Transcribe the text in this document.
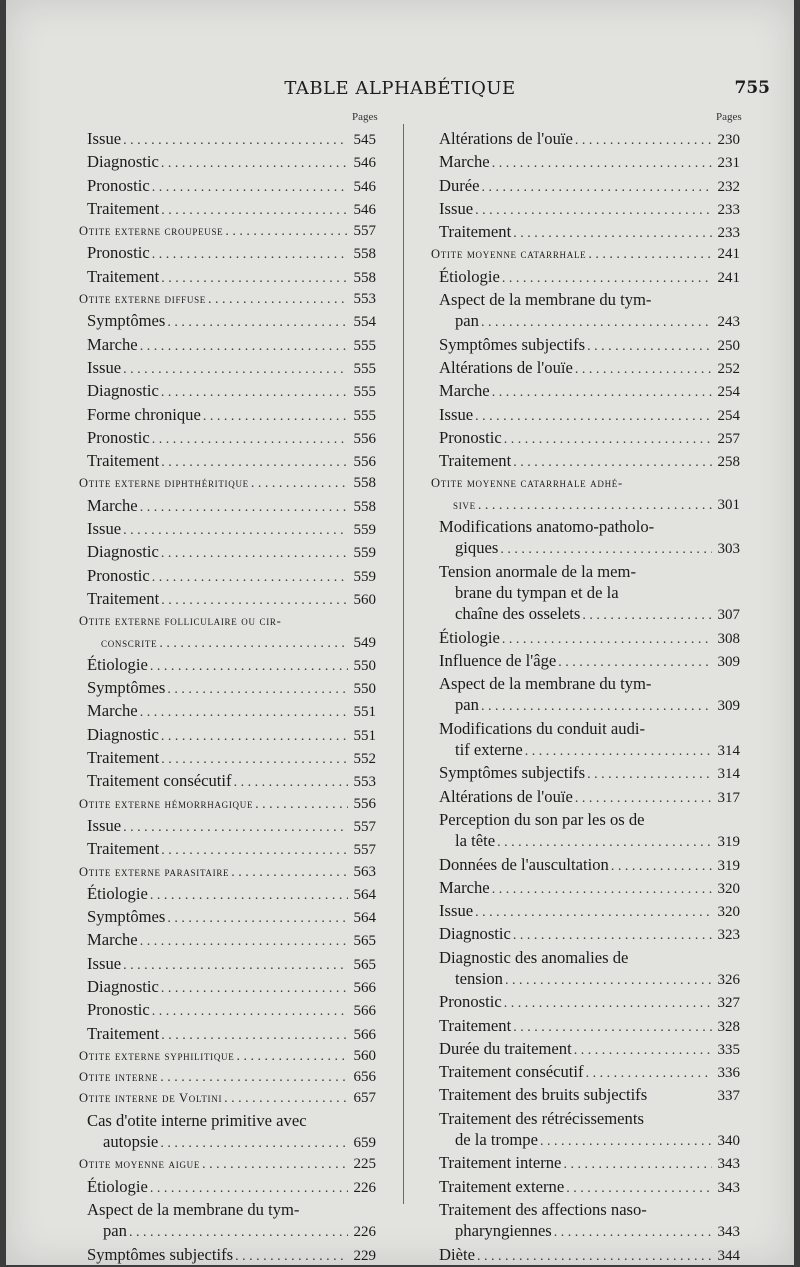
TABLE ALPHABÉTIQUE	755
Pages	Pages
Issue . . .	545
Diagnostic . . .	546
Pronostic . . .	546
Traitement . . .	546
Otite externe croupeuse . . .	557
Pronostic . . .	558
Traitement . . .	558
Otite externe diffuse . . .	553
Symptômes . . .	554
Marche . . .	555
Issue . . .	555
Diagnostic . . .	555
Forme chronique . . .	555
Pronostic . . .	556
Traitement . . .	556
Otite externe diphthéritique . . .	558
Marche . . .	558
Issue . . .	559
Diagnostic . . .	559
Pronostic . . .	559
Traitement . . .	560
Otite externe folliculaire ou cir-
conscrite . . .	549
Étiologie . . .	550
Symptômes . . .	550
Marche . . .	551
Diagnostic . . .	551
Traitement . . .	552
Traitement consécutif . . .	553
Otite externe hémorrhagique . . .	556
Issue . . .	557
Traitement . . .	557
Otite externe parasitaire . . .	563
Étiologie . . .	564
Symptômes . . .	564
Marche . . .	565
Issue . . .	565
Diagnostic . . .	566
Pronostic . . .	566
Traitement . . .	566
Otite externe syphilitique . . .	560
Otite interne . . .	656
Otite interne de Voltini . . .	657
Cas d'otite interne primitive avec
autopsie . . .	659
Otite moyenne aigue . . .	225
Étiologie . . .	226
Aspect de la membrane du tym-
pan . . .	226
Symptômes subjectifs . . .	229
Altérations de l'ouïe . . .	230
Marche . . .	231
Durée . . .	232
Issue . . .	233
Traitement . . .	233
Otite moyenne catarrhale . . .	241
Étiologie . . .	241
Aspect de la membrane du tym-
pan . . .	243
Symptômes subjectifs . . .	250
Altérations de l'ouïe . . .	252
Marche . . .	254
Issue . . .	254
Pronostic . . .	257
Traitement . . .	258
Otite moyenne catarrhale adhé-
sive . . .	301
Modifications anatomo-patholo-
giques . . .	303
Tension anormale de la mem-
brane du tympan et de la
chaîne des osselets . . .	307
Étiologie . . .	308
Influence de l'âge . . .	309
Aspect de la membrane du tym-
pan . . .	309
Modifications du conduit audi-
tif externe . . .	314
Symptômes subjectifs . . .	314
Altérations de l'ouïe . . .	317
Perception du son par les os de
la tête . . .	319
Données de l'auscultation . . .	319
Marche . . .	320
Issue . . .	320
Diagnostic . . .	323
Diagnostic des anomalies de
tension . . .	326
Pronostic . . .	327
Traitement . . .	328
Durée du traitement . . .	335
Traitement consécutif . . .	336
Traitement des bruits subjectifs	337
Traitement des rétrécissements
de la trompe . . .	340
Traitement interne . . .	343
Traitement externe . . .	343
Traitement des affections naso-
pharyngiennes . . .	343
Diète . . .	344
